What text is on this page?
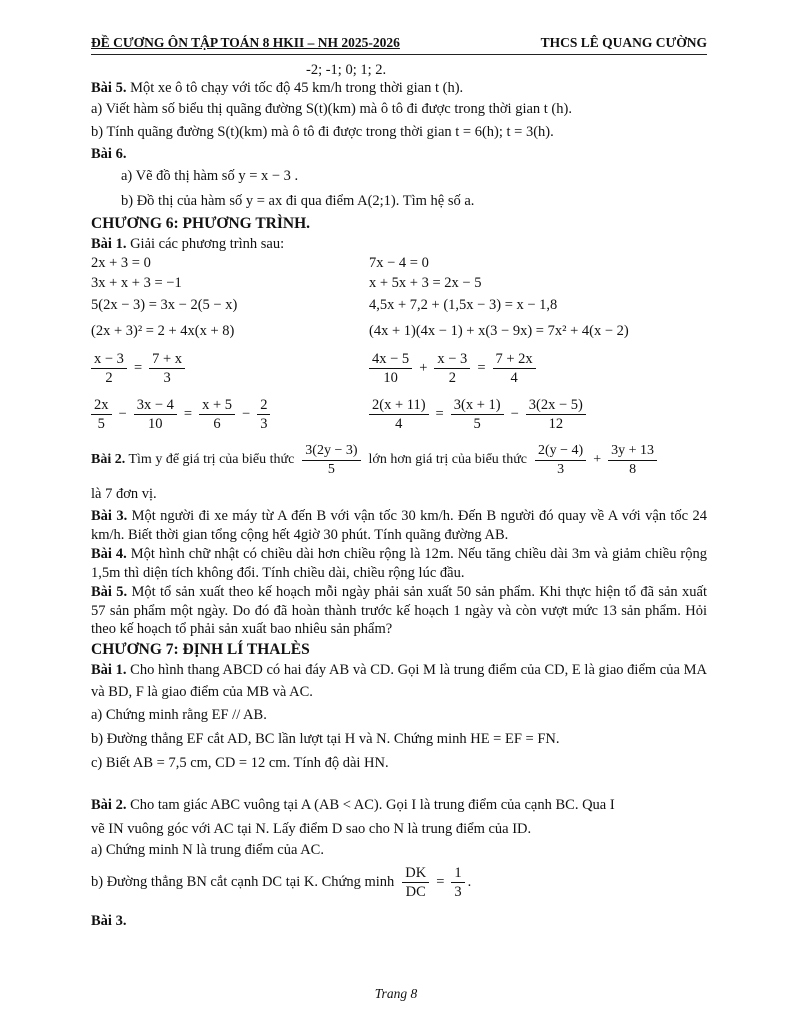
ĐỀ CƯƠNG ÔN TẬP TOÁN 8 HKII – NH 2025-2026	THCS LÊ QUANG CƯỜNG

-2; -1; 0; 1; 2.

Bài 5. Một xe ô tô chạy với tốc độ 45 km/h trong thời gian t (h).

a) Viết hàm số biểu thị quãng đường S(t)(km) mà ô tô đi được trong thời gian t (h).

b) Tính quãng đường S(t)(km) mà ô tô đi được trong thời gian t = 6(h); t = 3(h).

Bài 6.

a) Vẽ đồ thị hàm số y = x − 3 .

b) Đồ thị của hàm số y = ax đi qua điểm A(2;1). Tìm hệ số a.

CHƯƠNG 6: PHƯƠNG TRÌNH.

Bài 1. Giải các phương trình sau:

2x + 3 = 0	7x − 4 = 0
3x + x + 3 = −1	x + 5x + 3 = 2x − 5
5(2x − 3) = 3x − 2(5 − x)	4,5x + 7,2 + (1,5x − 3) = x − 1,8
(2x + 3)² = 2 + 4x(x + 8)	(4x + 1)(4x − 1) + x(3 − 9x) = 7x² + 4(x − 2)
$\frac{x - 3}{2} = \frac{7 + x}{3}$	$\frac{4x - 5}{10} + \frac{x - 3}{2} = \frac{7 + 2x}{4}$
$\frac{2x}{5} - \frac{3x - 4}{10} = \frac{x + 5}{6} - \frac{2}{3}$	$\frac{2(x + 11)}{4} = \frac{3(x + 1)}{5} - \frac{3(2x - 5)}{12}$
Bài 2. Tìm y để giá trị của biểu thức $\frac{3(2y - 3)}{5}$ lớn hơn giá trị của biểu thức $\frac{2(y - 4)}{3} + \frac{3y + 13}{8}$

là 7 đơn vị.

Bài 3. Một người đi xe máy từ A đến B với vận tốc 30 km/h. Đến B người đó quay về A với vận tốc 24 km/h. Biết thời gian tổng cộng hết 4giờ 30 phút. Tính quãng đường AB.

Bài 4. Một hình chữ nhật có chiều dài hơn chiều rộng là 12m. Nếu tăng chiều dài 3m và giảm chiều rộng 1,5m thì diện tích không đổi. Tính chiều dài, chiều rộng lúc đầu.

Bài 5. Một tổ sản xuất theo kế hoạch mỗi ngày phải sản xuất 50 sản phẩm. Khi thực hiện tổ đã sản xuất 57 sản phẩm một ngày. Do đó đã hoàn thành trước kế hoạch 1 ngày và còn vượt mức 13 sản phẩm. Hỏi theo kế hoạch tổ phải sản xuất bao nhiêu sản phẩm?

CHƯƠNG 7: ĐỊNH LÍ THALÈS

Bài 1. Cho hình thang ABCD có hai đáy AB và CD. Gọi M là trung điểm của CD, E là giao điểm của MA và BD, F là giao điểm của MB và AC.

a) Chứng minh rằng EF // AB.

b) Đường thẳng EF cắt AD, BC lần lượt tại H và N. Chứng minh HE = EF = FN.

c) Biết AB = 7,5 cm, CD = 12 cm. Tính độ dài HN.

Bài 2. Cho tam giác ABC vuông tại A (AB < AC). Gọi I là trung điểm của cạnh BC. Qua I

vẽ IN vuông góc với AC tại N. Lấy điểm D sao cho N là trung điểm của ID.

a) Chứng minh N là trung điểm của AC.

b) Đường thẳng BN cắt cạnh DC tại K. Chứng minh $\frac{DK}{DC} = \frac{1}{3}$ .

Bài 3.

Trang 8
